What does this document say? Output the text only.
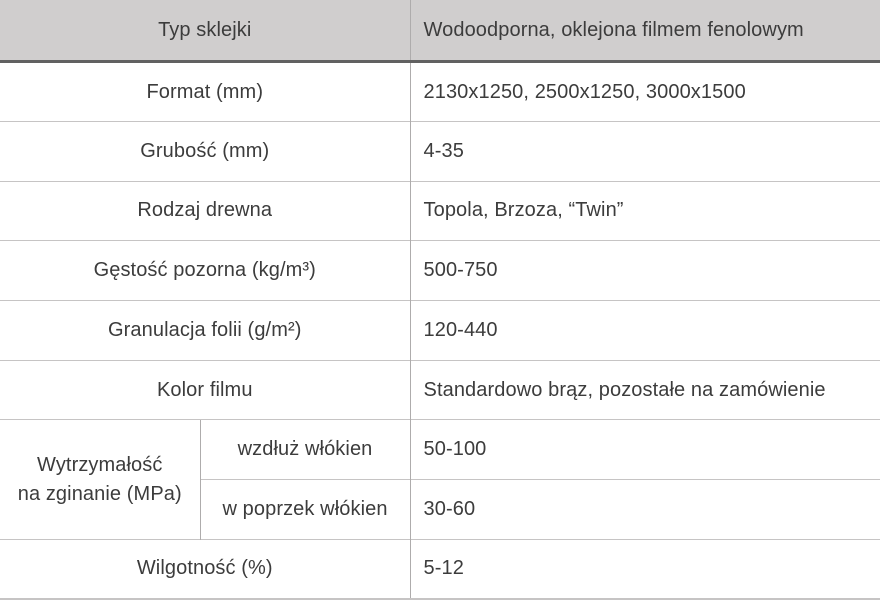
Typ sklejki		Wodoodporna, oklejona filmem fenolowym
Format (mm)		2130x1250, 2500x1250, 3000x1500
Grubość (mm)		4-35
Rodzaj drewna		Topola, Brzoza, “Twin”
Gęstość pozorna (kg/m³)		500-750
Granulacja folii (g/m²)		120-440
Kolor filmu		Standardowo brąz, pozostałe na zamówienie

Wytrzymałość
na zginanie (MPa)	wzdłuż włókien	50-100
	w poprzek włókien	30-60
Wilgotność (%)		5-12
